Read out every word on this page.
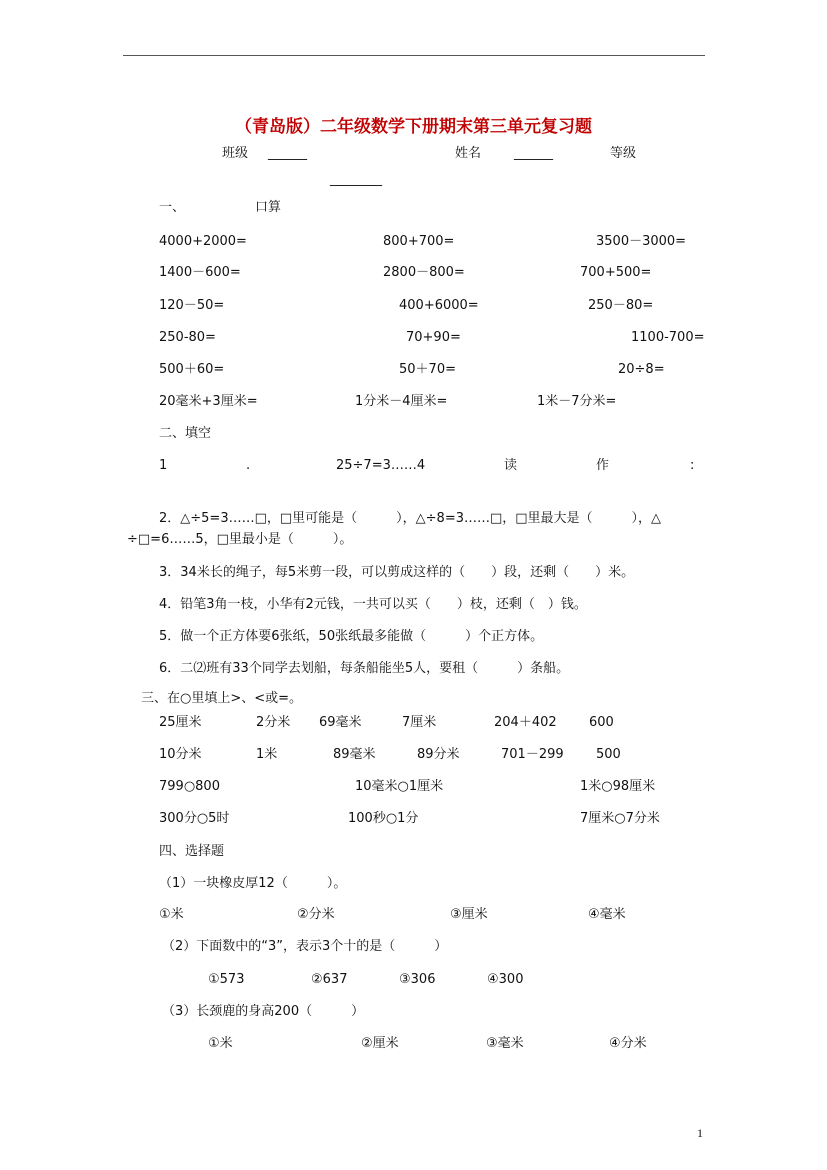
（青岛版）二年级数学下册期末第三单元复习题
班级 ______	姓名	______	等级
________
一、	口算
4000+2000=	800+700=	3500－3000=
1400－600=	2800－800=	700+500=
120－50=	400+6000=	250－80=
250-80=	70+90=	1100-700=
500＋60=	50＋70=	20÷8=
20毫米+3厘米=	1分米－4厘米=	1米－7分米=
二、填空
1	.	25÷7=3……4	读	作	:
2．△÷5=3……□，□里可能是（　　　），△÷8=3……□，□里最大是（　　　），△
÷□=6……5，□里最小是（　　　）。
3．34米长的绳子，每5米剪一段，可以剪成这样的（　　）段，还剩（　　）米。
4．铅笔3角一枝，小华有2元钱，一共可以买（　　）枝，还剩（　）钱。
5．做一个正方体要6张纸，50张纸最多能做（　　　）个正方体。
6．二⑵班有33个同学去划船，每条船能坐5人，要租（　　　）条船。
三、在○里填上>、<或=。
25厘米	2分米 69毫米	7厘米	204＋402 600
10分米	1米	89毫米	89分米	701－299 500
799○800	10毫米○1厘米	1米○98厘米
300分○5时	100秒○1分	7厘米○7分米
四、选择题
（1）一块橡皮厚12（　　　）。
①米	②分米	③厘米	④毫米
（2）下面数中的“3”，表示3个十的是（　　　）
①573	②637	③306	④300
（3）长颈鹿的身高200（　　　）
①米	②厘米	③毫米	④分米
1
